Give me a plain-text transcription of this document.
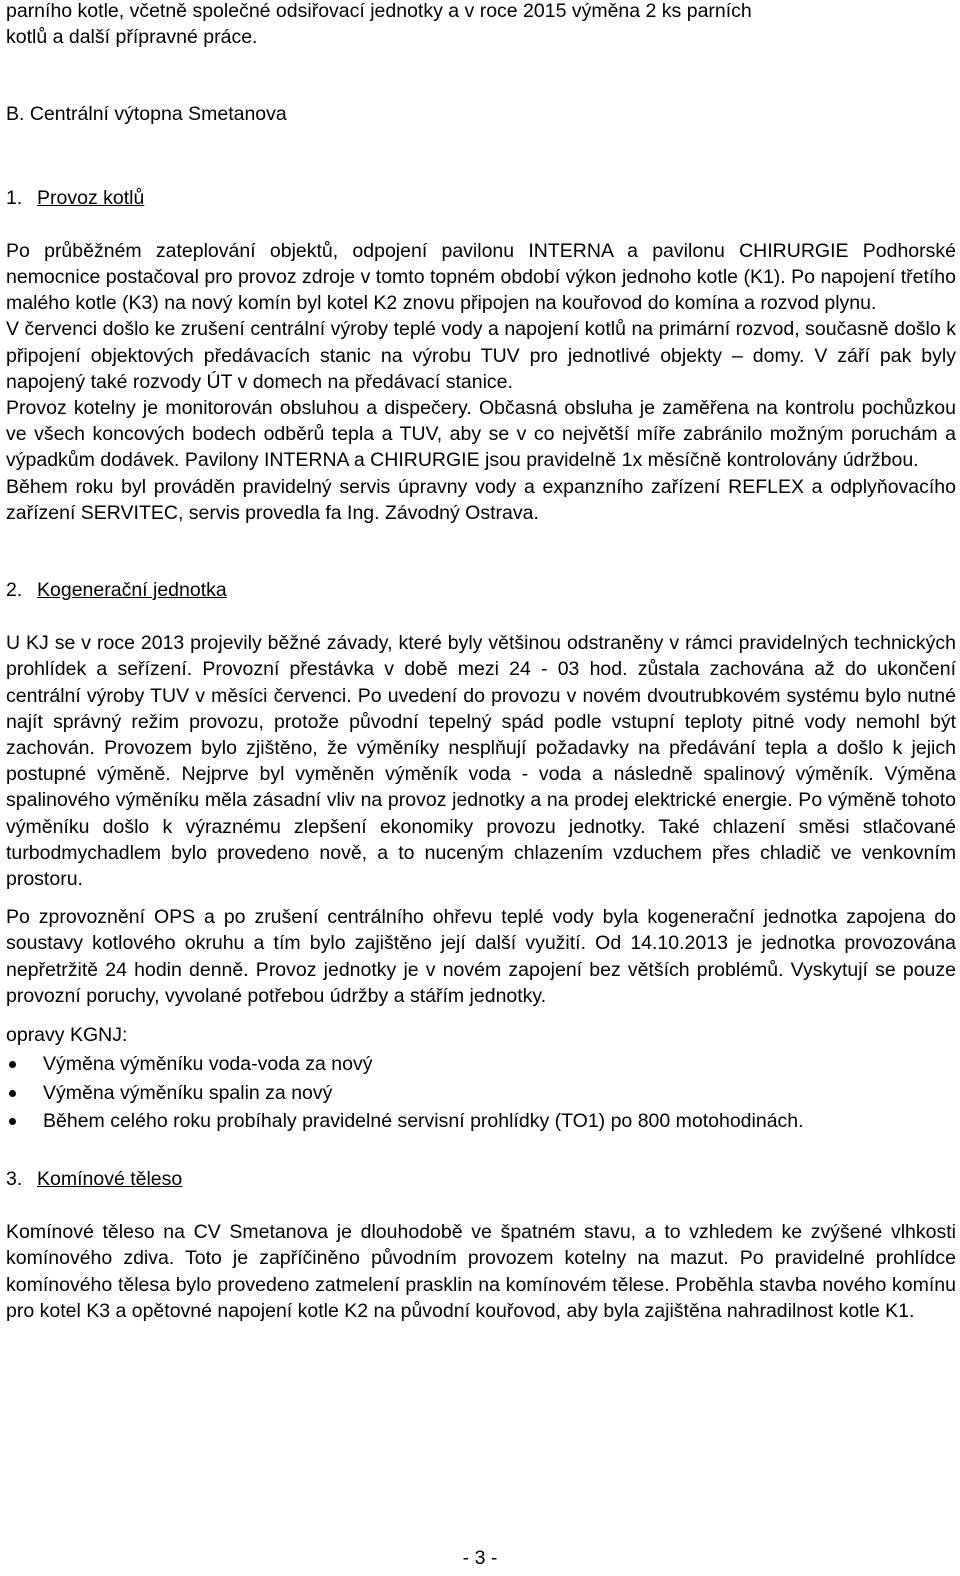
parního kotle, včetně společné odsiřovací jednotky a v roce 2015 výměna 2 ks parních
kotlů a další přípravné práce.
B. Centrální výtopna Smetanova
1. Provoz kotlů

Po průběžném zateplování objektů, odpojení pavilonu INTERNA a pavilonu CHIRURGIE Podhorské nemocnice postačoval pro provoz zdroje v tomto topném období výkon jednoho kotle (K1). Po napojení třetího malého kotle (K3) na nový komín byl kotel K2 znovu připojen na kouřovod do komína a rozvod plynu.

V červenci došlo ke zrušení centrální výroby teplé vody a napojení kotlů na primární rozvod, současně došlo k připojení objektových předávacích stanic na výrobu TUV pro jednotlivé objekty – domy. V září pak byly napojený také rozvody ÚT v domech na předávací stanice.

Provoz kotelny je monitorován obsluhou a dispečery. Občasná obsluha je zaměřena na kontrolu pochůzkou ve všech koncových bodech odběrů tepla a TUV, aby se v co největší míře zabránilo možným poruchám a výpadkům dodávek. Pavilony INTERNA a CHIRURGIE jsou pravidelně 1x měsíčně kontrolovány údržbou.

Během roku byl prováděn pravidelný servis úpravny vody a expanzního zařízení REFLEX a odplyňovacího zařízení SERVITEC, servis provedla fa Ing. Závodný Ostrava.

2. Kogenerační jednotka

U KJ se v roce 2013 projevily běžné závady, které byly většinou odstraněny v rámci pravidelných technických prohlídek a seřízení. Provozní přestávka v době mezi 24 - 03 hod. zůstala zachována až do ukončení centrální výroby TUV v měsíci červenci. Po uvedení do provozu v novém dvoutrubkovém systému bylo nutné najít správný režim provozu, protože původní tepelný spád podle vstupní teploty pitné vody nemohl být zachován. Provozem bylo zjištěno, že výměníky nesplňují požadavky na předávání tepla a došlo k jejich postupné výměně. Nejprve byl vyměněn výměník voda - voda a následně spalinový výměník. Výměna spalinového výměníku měla zásadní vliv na provoz jednotky a na prodej elektrické energie. Po výměně tohoto výměníku došlo k výraznému zlepšení ekonomiky provozu jednotky. Také chlazení směsi stlačované turbodmychadlem bylo provedeno nově, a to nuceným chlazením vzduchem přes chladič ve venkovním prostoru.

Po zprovoznění OPS a po zrušení centrálního ohřevu teplé vody byla kogenerační jednotka zapojena do soustavy kotlového okruhu a tím bylo zajištěno její další využití. Od 14.10.2013 je jednotka provozována nepřetržitě 24 hodin denně. Provoz jednotky je v novém zapojení bez větších problémů. Vyskytují se pouze provozní poruchy, vyvolané potřebou údržby a stářím jednotky.

opravy KGNJ:
Výměna výměníku voda-voda za nový
Výměna výměníku spalin za nový
Během celého roku probíhaly pravidelné servisní prohlídky (TO1) po 800 motohodinách.
3. Komínové těleso

Komínové těleso na CV Smetanova je dlouhodobě ve špatném stavu, a to vzhledem ke zvýšené vlhkosti komínového zdiva. Toto je zapříčiněno původním provozem kotelny na mazut. Po pravidelné prohlídce komínového tělesa bylo provedeno zatmelení prasklin na komínovém tělese. Proběhla stavba nového komínu pro kotel K3 a opětovné napojení kotle K2 na původní kouřovod, aby byla zajištěna nahradilnost kotle K1.

- 3 -
